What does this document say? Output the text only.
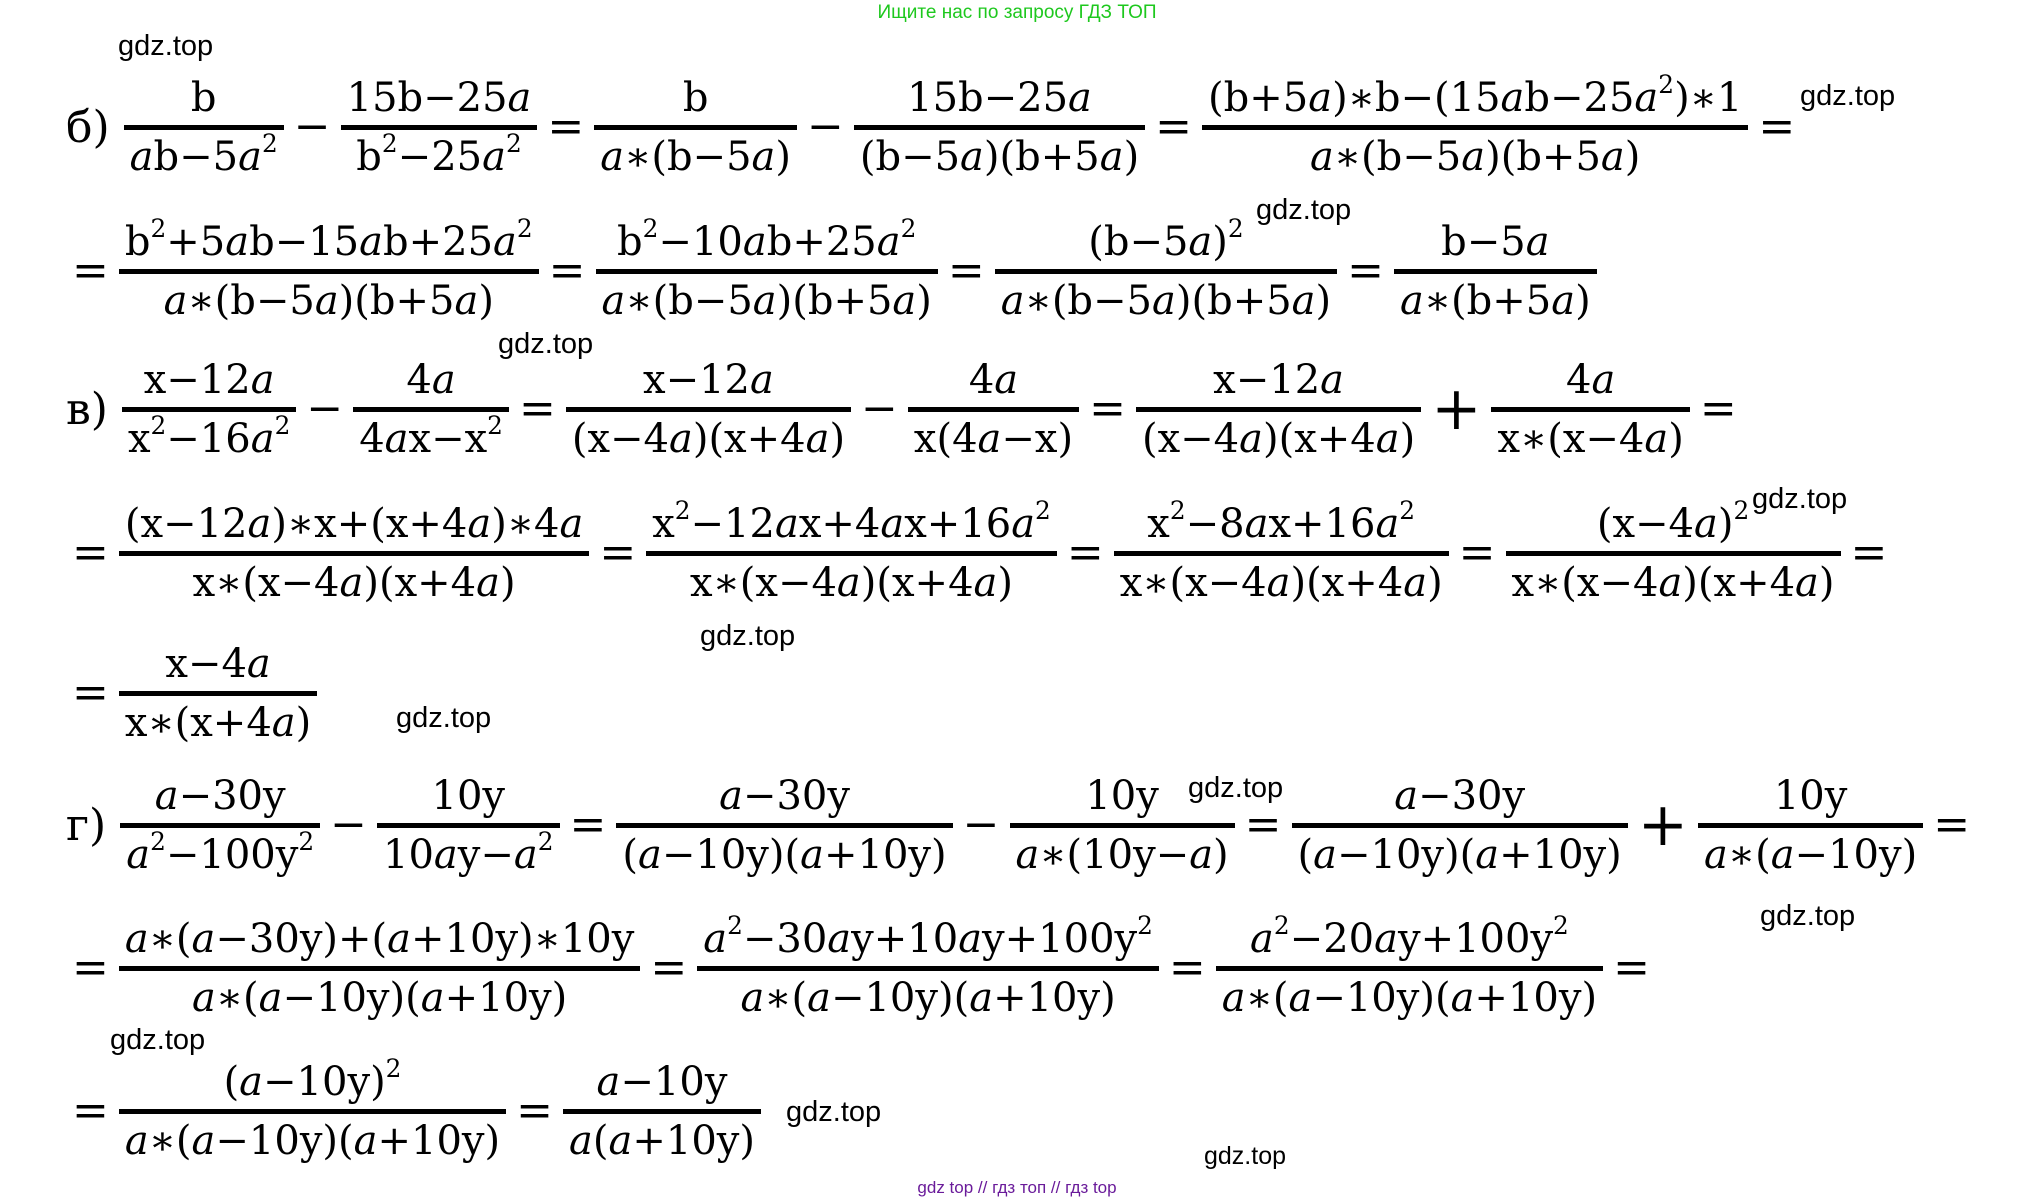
Ищите нас по запросу ГДЗ ТОП
gdz.top
gdz.top
gdz.top
gdz.top
gdz.top
gdz.top
gdz.top
gdz.top
gdz.top
gdz.top
gdz.top
gdz.top
б)
b
$ab-5a^2$ −
15b−25a
$b^2-25a^2$ =
b
a∗(b−5a)
−
15b−25a
(b−5a)(b+5a)
=
$(b+5a)∗b-(15ab-25a^2)∗1$
a∗(b−5a)(b+5a)
=
=
$b^2+5ab-15ab+25a^2$
a∗(b−5a)(b+5a)
=
$b^2-10ab+25a^2$
a∗(b−5a)(b+5a)
=
$(b-5a)^2$
a∗(b−5a)(b+5a)
=
b−5a
a∗(b+5a)
в)
x−12a
$x^2-16a^2$ −
4a
$4ax-x^2$ =
x−12a
(x−4a)(x+4a)
−
4a
x(4a−x)
=
x−12a
(x−4a)(x+4a) + 4a
x∗(x−4a)
=
=
(x−12a)∗x+(x+4a)∗4a
x∗(x−4a)(x+4a)
=
$x^2-12ax+4ax+16a^2$
x∗(x−4a)(x+4a)
=
$x^2-8ax+16a^2$
x∗(x−4a)(x+4a)
=
$(x-4a)^2$
x∗(x−4a)(x+4a)
=
=
x−4a
x∗(x+4a)
г)
a−30y
$a^2-100y^2$ −
10y
$10ay-a^2$ =
a−30y
(a−10y)(a+10y)
−
10y
a∗(10y−a)
=
a−30y
(a−10y)(a+10y) + 10y
a∗(a−10y)
=
=
a∗(a−30y)+(a+10y)∗10y
a∗(a−10y)(a+10y)
=
$a^2-30ay+10ay+100y^2$
a∗(a−10y)(a+10y)
=
$a^2-20ay+100y^2$
a∗(a−10y)(a+10y)
=
=
$(a-10y)^2$
a∗(a−10y)(a+10y)
=
a−10y
a(a+10y)
gdz top // гдз топ // гдз top
